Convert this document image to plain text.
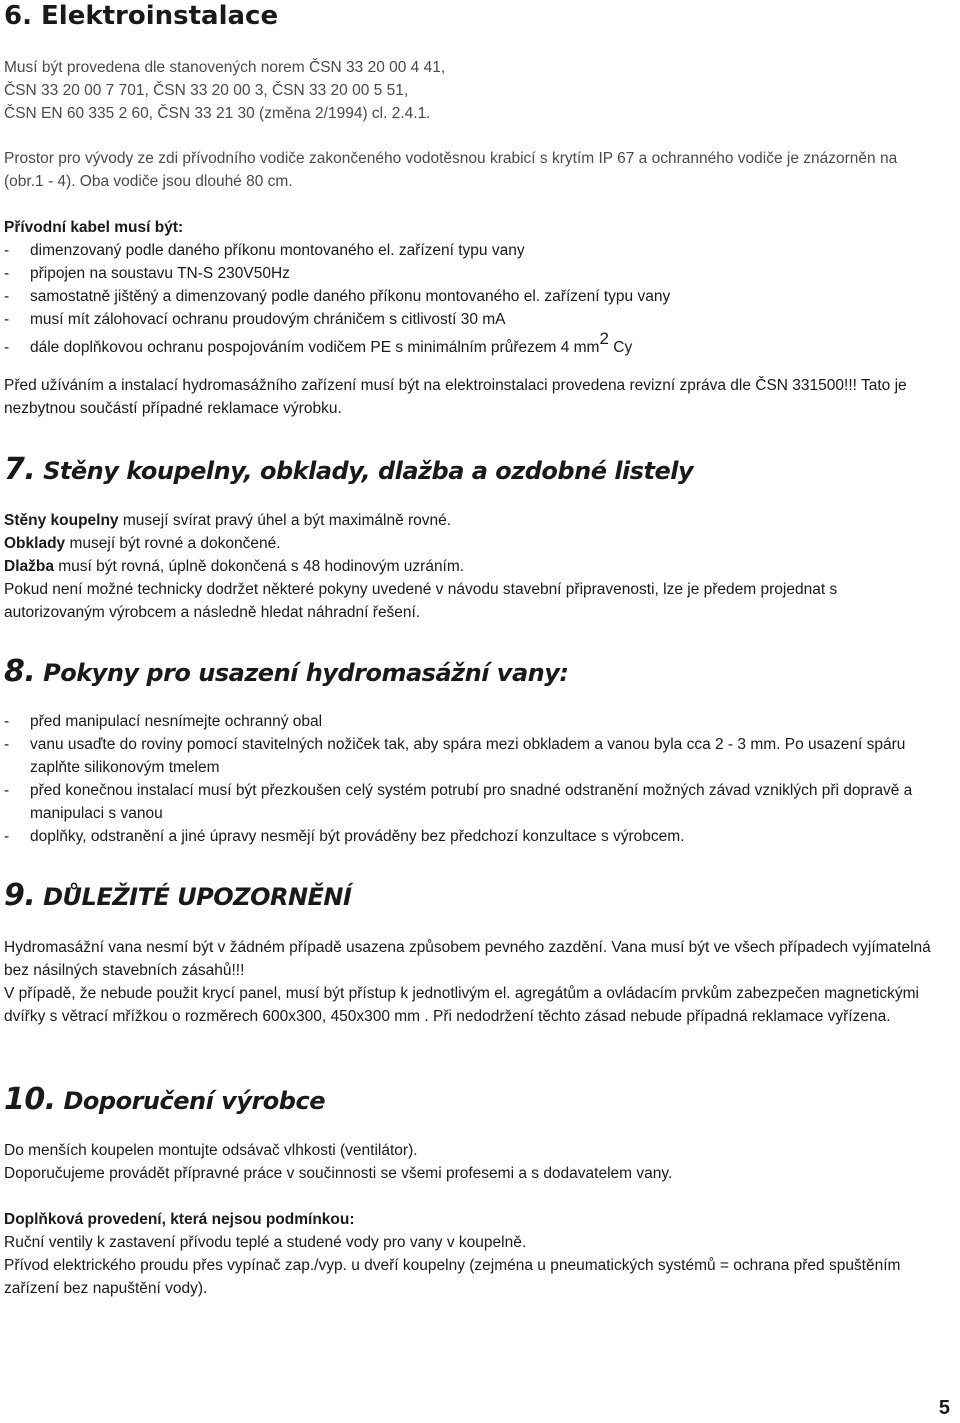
6. Elektroinstalace

Musí být provedena dle stanovených norem ČSN 33 20 00 4 41,

ČSN 33 20 00 7 701, ČSN 33 20 00 3, ČSN 33 20 00 5 51,

ČSN EN 60 335 2 60, ČSN 33 21 30 (změna 2/1994) cl. 2.4.1.

Prostor pro vývody ze zdi přívodního vodiče zakončeného vodotěsnou krabicí s krytím IP 67 a ochranného vodiče je znázorněn na (obr.1 - 4). Oba vodiče jsou dlouhé 80 cm.

Přívodní kabel musí být:

- dimenzovaný podle daného příkonu montovaného el. zařízení typu vany
- připojen na soustavu TN-S 230V50Hz
- samostatně jištěný a dimenzovaný podle daného příkonu montovaného el. zařízení typu vany
- musí mít zálohovací ochranu proudovým chráničem s citlivostí 30 mA
- dále doplňkovou ochranu pospojováním vodičem PE s minimálním průřezem 4 $mm^2$ Cy

Před užíváním a instalací hydromasážního zařízení musí být na elektroinstalaci provedena revizní zpráva dle ČSN 331500!!! Tato je nezbytnou součástí případné reklamace výrobku.

7. Stěny koupelny, obklady, dlažba a ozdobné listely

Stěny koupelny musejí svírat pravý úhel a být maximálně rovné.

Obklady musejí být rovné a dokončené.

Dlažba musí být rovná, úplně dokončená s 48 hodinovým uzráním.

Pokud není možné technicky dodržet některé pokyny uvedené v návodu stavební připravenosti, lze je předem projednat s autorizovaným výrobcem a následně hledat náhradní řešení.

8. Pokyny pro usazení hydromasážní vany:
- před manipulací nesnímejte ochranný obal
- vanu usaďte do roviny pomocí stavitelných nožiček tak, aby spára mezi obkladem a vanou byla cca 2 - 3 mm. Po usazení spáru zaplňte silikonovým tmelem
- před konečnou instalací musí být přezkoušen celý systém potrubí pro snadné odstranění možných závad vzniklých při dopravě a manipulaci s vanou
- doplňky, odstranění a jiné úpravy nesmějí být prováděny bez předchozí konzultace s výrobcem.
9. DŮLEŽITÉ UPOZORNĚNÍ

Hydromasážní vana nesmí být v žádném případě usazena způsobem pevného zazdění. Vana musí být ve všech případech vyjímatelná bez násilných stavebních zásahů!!!

V případě, že nebude použit krycí panel, musí být přístup k jednotlivým el. agregátům a ovládacím prvkům zabezpečen magnetickými dvířky s větrací mřížkou o rozměrech 600x300, 450x300 mm . Při nedodržení těchto zásad nebude případná reklamace vyřízena.

10. Doporučení výrobce

Do menších koupelen montujte odsávač vlhkosti (ventilátor).

Doporučujeme provádět přípravné práce v součinnosti se všemi profesemi a s dodavatelem vany.

Doplňková provedení, která nejsou podmínkou:

Ruční ventily k zastavení přívodu teplé a studené vody pro vany v koupelně.

Přívod elektrického proudu přes vypínač zap./vyp. u dveří koupelny (zejména u pneumatických systémů = ochrana před spuštěním zařízení bez napuštění vody).

5
